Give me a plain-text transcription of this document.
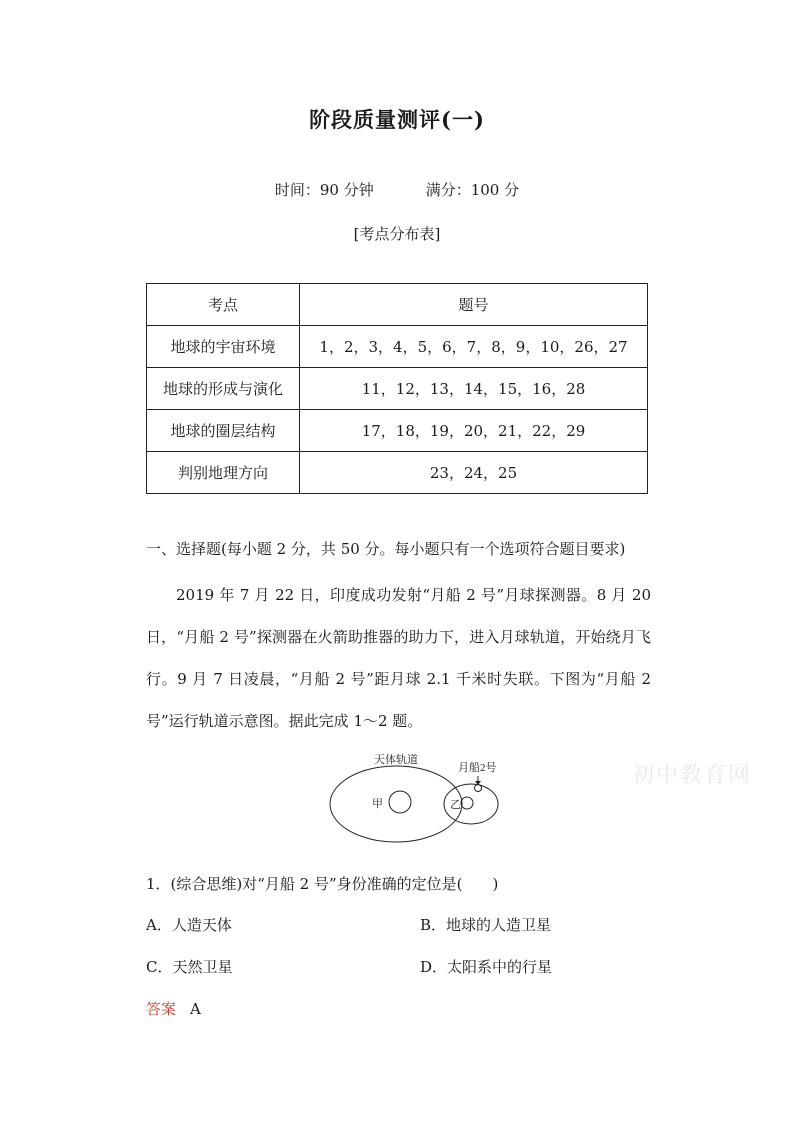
阶段质量测评(一)
时间：90 分钟	满分：100 分
[考点分布表]
考点	题号
地球的宇宙环境	1，2，3，4，5，6，7，8，9，10，26，27
地球的形成与演化	11，12，13，14，15，16，28
地球的圈层结构	17，18，19，20，21，22，29
判别地理方向	23，24，25
一、选择题(每小题 2 分，共 50 分。每小题只有一个选项符合题目要求)

2019 年 7 月 22 日，印度成功发射“月船 2 号”月球探测器。8 月 20 日，“月船 2 号”探测器在火箭助推器的助力下，进入月球轨道，开始绕月飞行。9 月 7 日凌晨，“月船 2 号”距月球 2.1 千米时失联。下图为“月船 2 号”运行轨道示意图。据此完成 1～2 题。

天体轨道
月船2号
甲	乙
初中教育网
1．(综合思维)对“月船 2 号”身份准确的定位是(　　)
A．人造天体	B．地球的人造卫星
C．天然卫星	D．太阳系中的行星
答案 A
